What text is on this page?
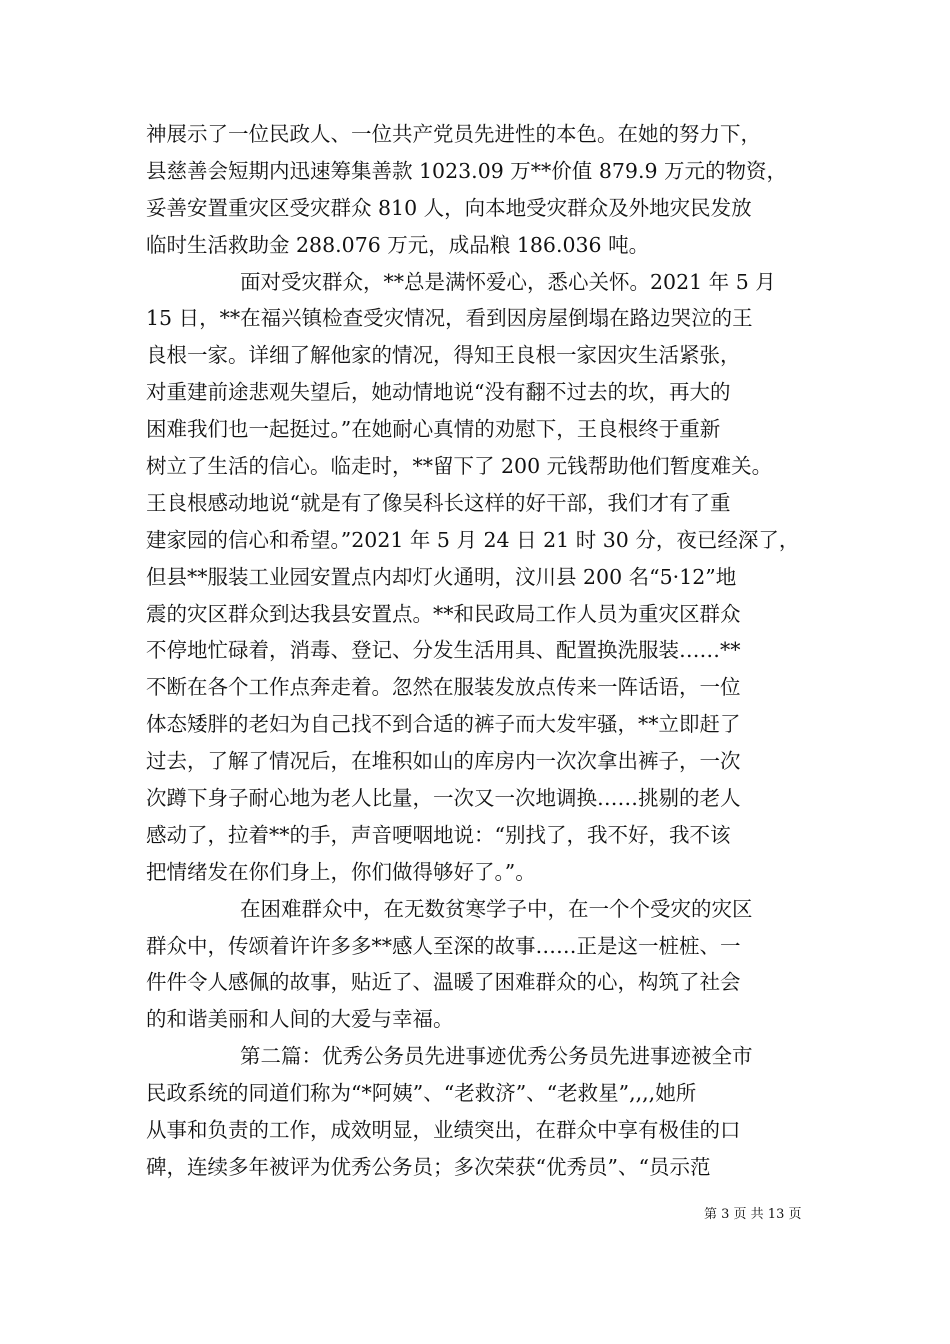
神展示了一位民政人、一位共产党员先进性的本色。在她的努力下，
县慈善会短期内迅速筹集善款 1023.09 万**价值 879.9 万元的物资，
妥善安置重灾区受灾群众 810 人，向本地受灾群众及外地灾民发放
临时生活救助金 288.076 万元，成品粮 186.036 吨。
面对受灾群众，**总是满怀爱心，悉心关怀。2021 年 5 月
15 日，**在福兴镇检查受灾情况，看到因房屋倒塌在路边哭泣的王
良根一家。详细了解他家的情况，得知王良根一家因灾生活紧张，
对重建前途悲观失望后，她动情地说“没有翻不过去的坎，再大的
困难我们也一起挺过。”在她耐心真情的劝慰下，王良根终于重新
树立了生活的信心。临走时，**留下了 200 元钱帮助他们暂度难关。
王良根感动地说“就是有了像吴科长这样的好干部，我们才有了重
建家园的信心和希望。”2021 年 5 月 24 日 21 时 30 分，夜已经深了，
但县**服装工业园安置点内却灯火通明，汶川县 200 名“5·12”地
震的灾区群众到达我县安置点。**和民政局工作人员为重灾区群众
不停地忙碌着，消毒、登记、分发生活用具、配置换洗服装……**
不断在各个工作点奔走着。忽然在服装发放点传来一阵话语，一位
体态矮胖的老妇为自己找不到合适的裤子而大发牢骚，**立即赶了
过去，了解了情况后，在堆积如山的库房内一次次拿出裤子，一次
次蹲下身子耐心地为老人比量，一次又一次地调换……挑剔的老人
感动了，拉着**的手，声音哽咽地说：“别找了，我不好，我不该
把情绪发在你们身上，你们做得够好了。”。
在困难群众中，在无数贫寒学子中，在一个个受灾的灾区
群众中，传颂着许许多多**感人至深的故事……正是这一桩桩、一
件件令人感佩的故事，贴近了、温暖了困难群众的心，构筑了社会
的和谐美丽和人间的大爱与幸福。
第二篇：优秀公务员先进事迹优秀公务员先进事迹被全市
民政系统的同道们称为“*阿姨”、“老救济”、“老救星”,,,,她所
从事和负责的工作，成效明显，业绩突出，在群众中享有极佳的口
碑，连续多年被评为优秀公务员；多次荣获“优秀员”、“员示范
第 3 页 共 13 页
